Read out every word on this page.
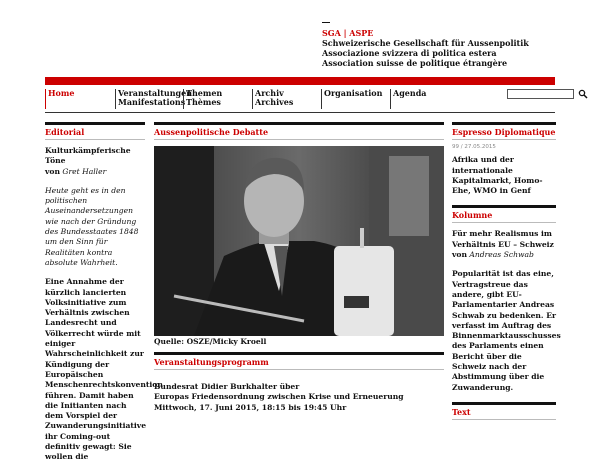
SGA | ASPE
Schweizerische Gesellschaft für Aussenpolitik
Associazione svizzera di politica estera
Association suisse de politique étrangère
Home	Veranstaltungen
Manifestations
Themen
Thèmes
Archiv
Archives
Organisation Agenda
Editorial

Kulturkämpferische Töne
von Gret Haller

Heute geht es in den politischen Auseinandersetzungen wie nach der Gründung des Bundesstaates 1848 um den Sinn für Realitäten kontra absolute Wahrheit.

Eine Annahme der kürzlich lancierten Volksinitiative zum Verhältnis zwischen Landesrecht und Völkerrecht würde mit einiger Wahrscheinlichkeit zur Kündigung der Europäischen Menschenrechtskonvention führen. Damit haben die Initianten nach dem Vorspiel der Zuwanderungsinitiative ihr Coming-out definitiv gewagt: Sie wollen die

Aussenpolitische Debatte
Quelle: OSZE/Micky Kroell
Veranstaltungsprogramm
Bundesrat Didier Burkhalter über
Europas Friedensordnung zwischen Krise und Erneuerung
Mittwoch, 17. Juni 2015, 18:15 bis 19:45 Uhr
Espresso Diplomatique
99 / 27.05.2015

Afrika und der internationale Kapitalmarkt, Homo-Ehe, WMO in Genf

Kolumne

Für mehr Realismus im Verhältnis EU – Schweiz
von Andreas Schwab

Popularität ist das eine, Vertragstreue das andere, gibt EU-Parlamentarier Andreas Schwab zu bedenken. Er verfasst im Auftrag des Binnenmarktausschusses des Parlaments einen Bericht über die Schweiz nach der Abstimmung über die Zuwanderung.

Text
